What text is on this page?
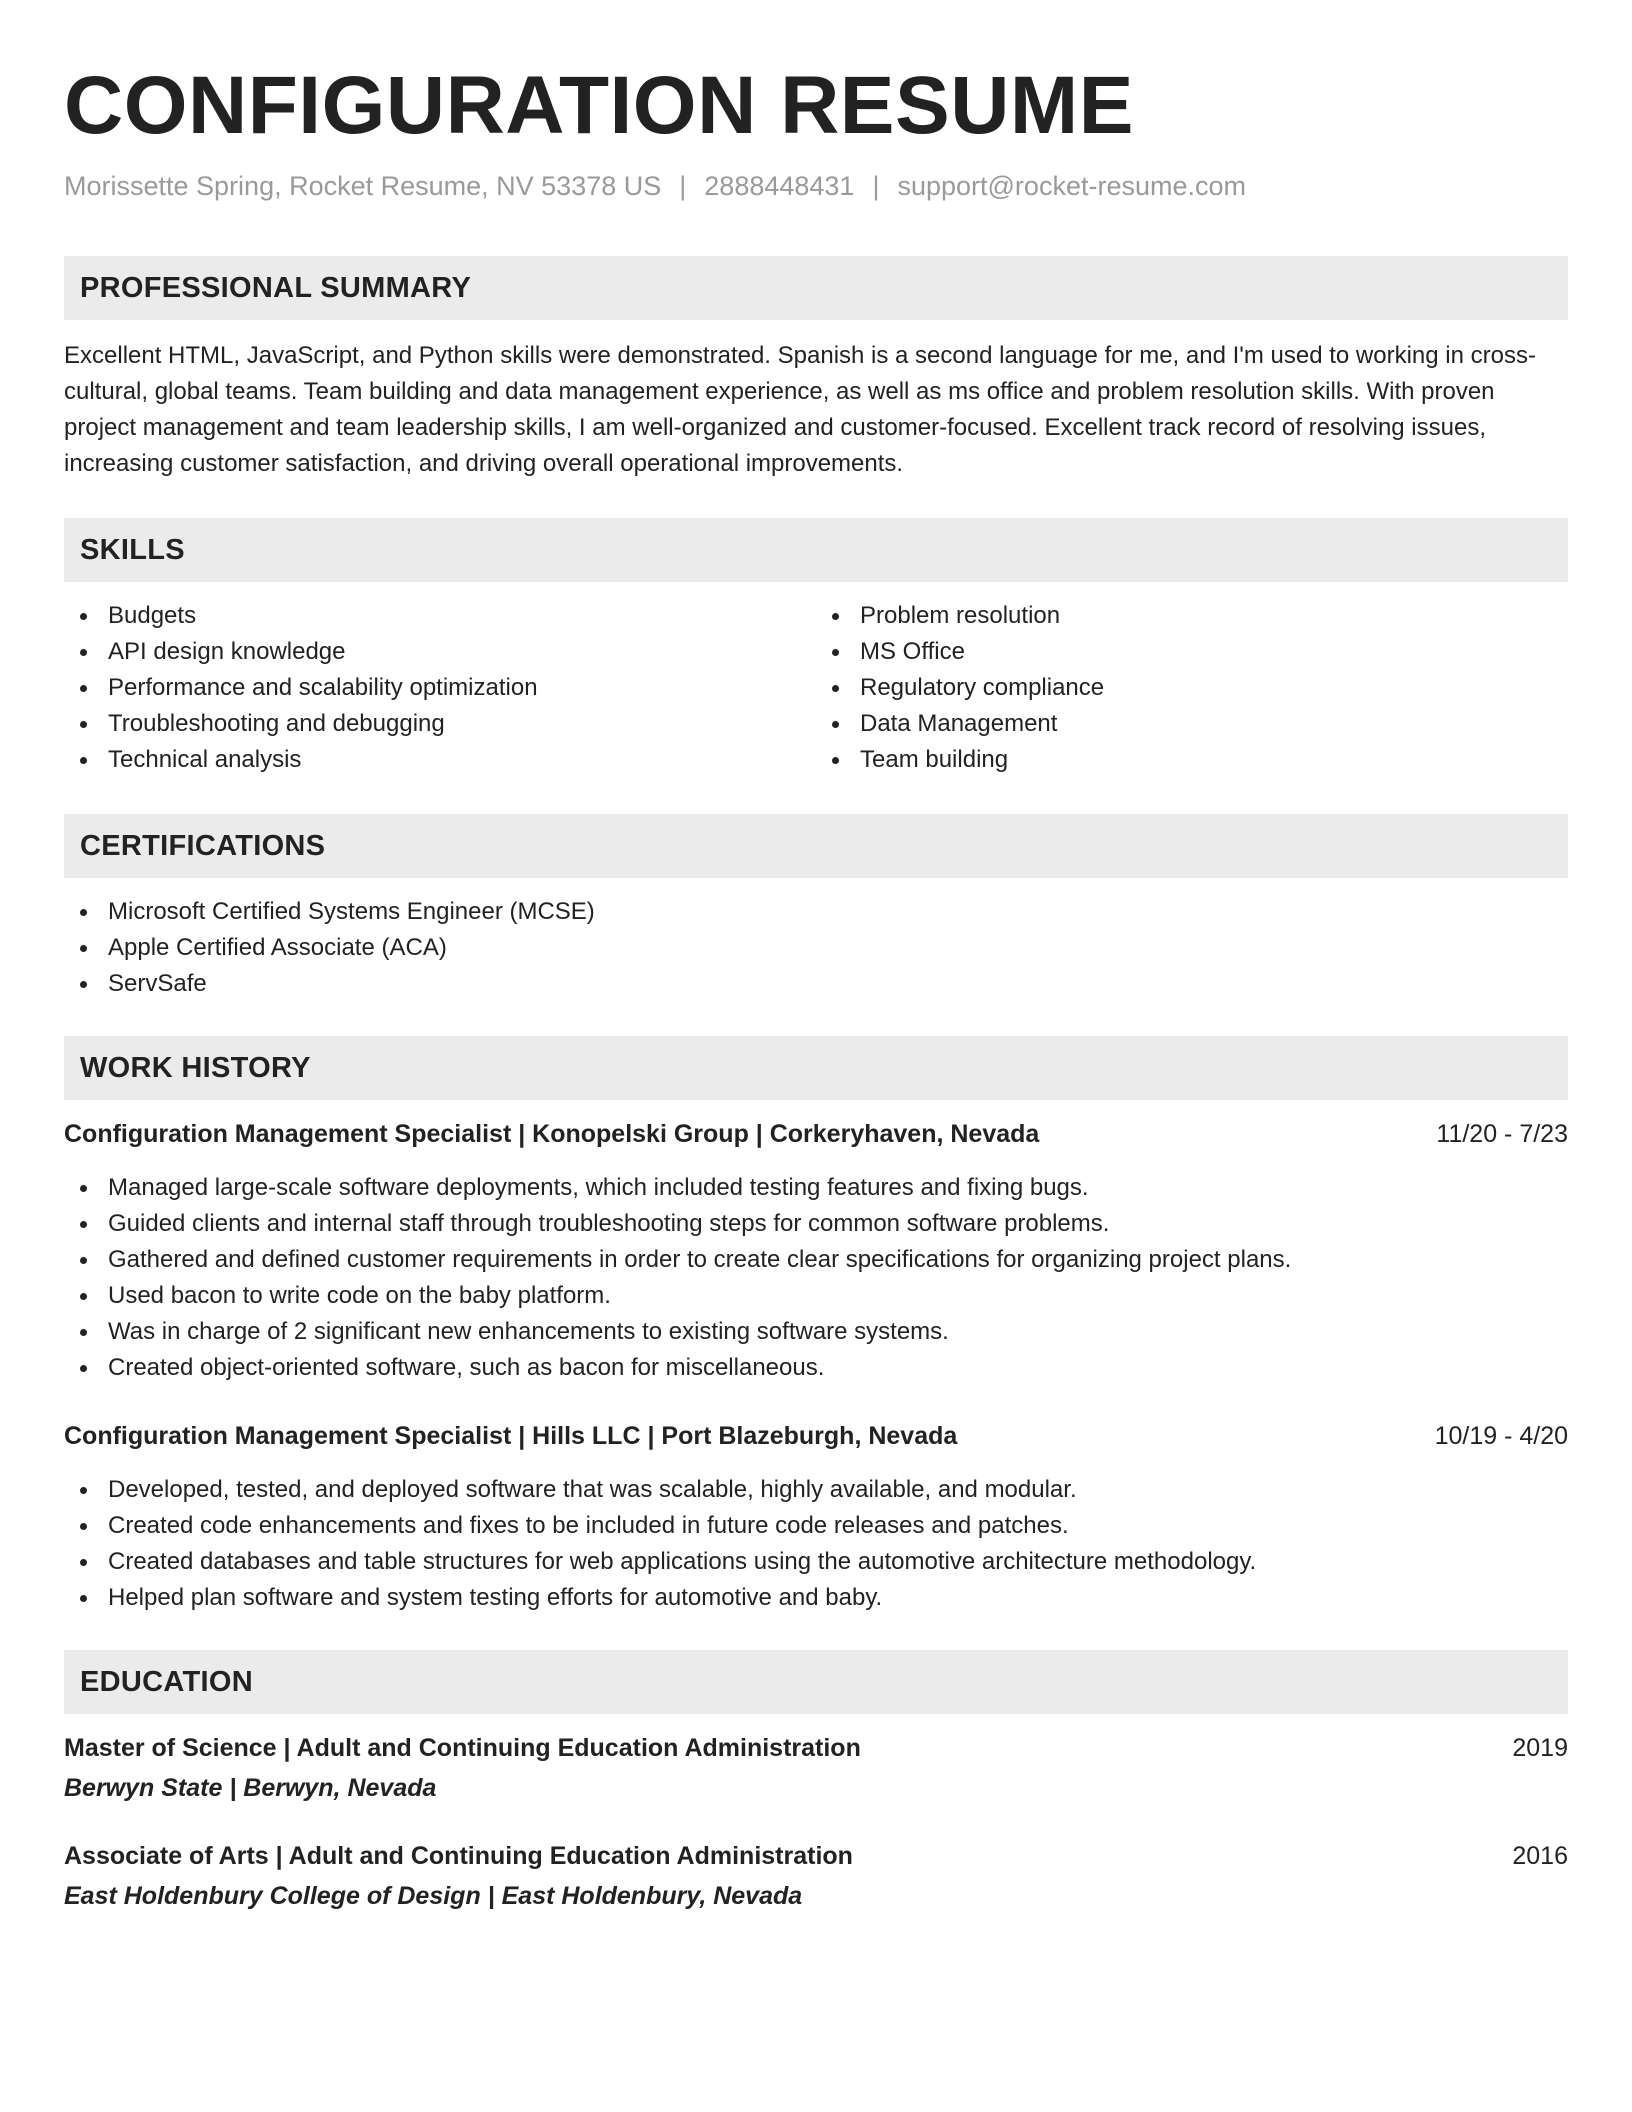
CONFIGURATION RESUME
Morissette Spring, Rocket Resume, NV 53378 US | 2888448431 | support@rocket-resume.com
PROFESSIONAL SUMMARY

Excellent HTML, JavaScript, and Python skills were demonstrated. Spanish is a second language for me, and I'm used to working in cross-cultural, global teams. Team building and data management experience, as well as ms office and problem resolution skills. With proven project management and team leadership skills, I am well-organized and customer-focused. Excellent track record of resolving issues, increasing customer satisfaction, and driving overall operational improvements.

SKILLS
Budgets
API design knowledge
Performance and scalability optimization
Troubleshooting and debugging
Technical analysis
Problem resolution
MS Office
Regulatory compliance
Data Management
Team building
CERTIFICATIONS
Microsoft Certified Systems Engineer (MCSE)
Apple Certified Associate (ACA)
ServSafe
WORK HISTORY
Configuration Management Specialist | Konopelski Group | Corkeryhaven, Nevada	11/20 - 7/23
Managed large-scale software deployments, which included testing features and fixing bugs.
Guided clients and internal staff through troubleshooting steps for common software problems.
Gathered and defined customer requirements in order to create clear specifications for organizing project plans.
Used bacon to write code on the baby platform.
Was in charge of 2 significant new enhancements to existing software systems.
Created object-oriented software, such as bacon for miscellaneous.
Configuration Management Specialist | Hills LLC | Port Blazeburgh, Nevada	10/19 - 4/20
Developed, tested, and deployed software that was scalable, highly available, and modular.
Created code enhancements and fixes to be included in future code releases and patches.
Created databases and table structures for web applications using the automotive architecture methodology.
Helped plan software and system testing efforts for automotive and baby.
EDUCATION
Master of Science | Adult and Continuing Education Administration	2019
Berwyn State | Berwyn, Nevada
Associate of Arts | Adult and Continuing Education Administration	2016
East Holdenbury College of Design | East Holdenbury, Nevada
